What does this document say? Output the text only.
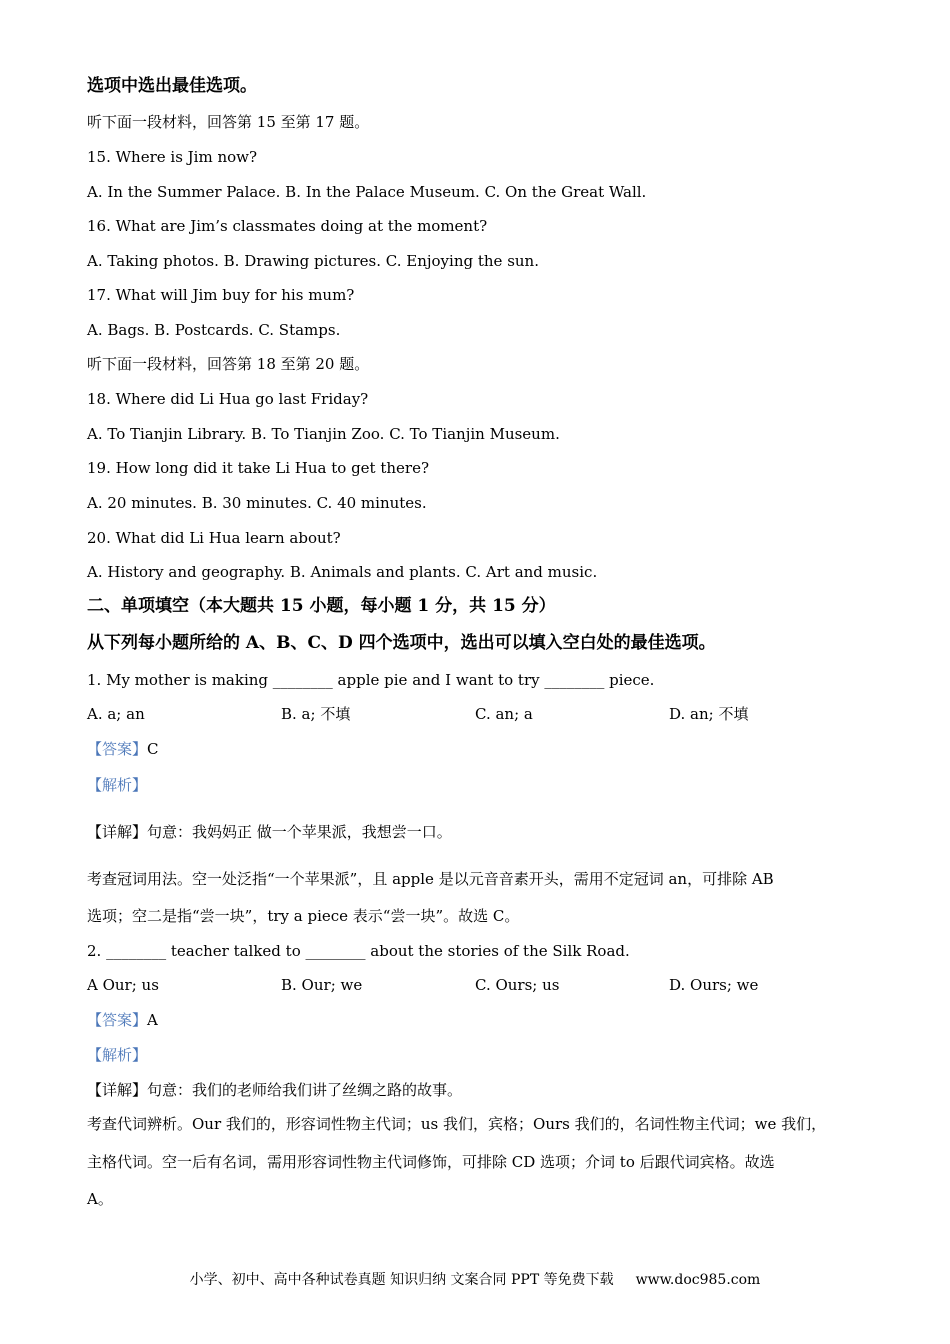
选项中选出最佳选项。
听下面一段材料，回答第 15 至第 17 题。
15. Where is Jim now?
A. In the Summer Palace. B. In the Palace Museum. C. On the Great Wall.
16. What are Jim’s classmates doing at the moment?
A. Taking photos. B. Drawing pictures. C. Enjoying the sun.
17. What will Jim buy for his mum?
A. Bags. B. Postcards. C. Stamps.
听下面一段材料，回答第 18 至第 20 题。
18. Where did Li Hua go last Friday?
A. To Tianjin Library. B. To Tianjin Zoo. C. To Tianjin Museum.
19. How long did it take Li Hua to get there?
A. 20 minutes. B. 30 minutes. C. 40 minutes.
20. What did Li Hua learn about?
A. History and geography. B. Animals and plants. C. Art and music.
二、单项填空（本大题共 15 小题，每小题 1 分，共 15 分）
从下列每小题所给的 A、B、C、D 四个选项中，选出可以填入空白处的最佳选项。
1. My mother is making ________ apple pie and I want to try ________ piece.
A. a; an	B. a; 不填	C. an; a	D. an; 不填
【答案】C
【解析】
【详解】句意：我妈妈正 做一个苹果派，我想尝一口。
考查冠词用法。空一处泛指“一个苹果派”，且 apple 是以元音音素开头，需用不定冠词 an，可排除 AB
选项；空二是指“尝一块”，try a piece 表示“尝一块”。故选 C。
2. ________ teacher talked to ________ about the stories of the Silk Road.
A Our; us	B. Our; we	C. Ours; us	D. Ours; we
【答案】A
【解析】
【详解】句意：我们的老师给我们讲了丝绸之路的故事。
考查代词辨析。Our 我们的，形容词性物主代词；us 我们，宾格；Ours 我们的，名词性物主代词；we 我们，
主格代词。空一后有名词，需用形容词性物主代词修饰，可排除 CD 选项；介词 to 后跟代词宾格。故选
A。
小学、初中、高中各种试卷真题 知识归纳 文案合同 PPT 等免费下载 www.doc985.com
